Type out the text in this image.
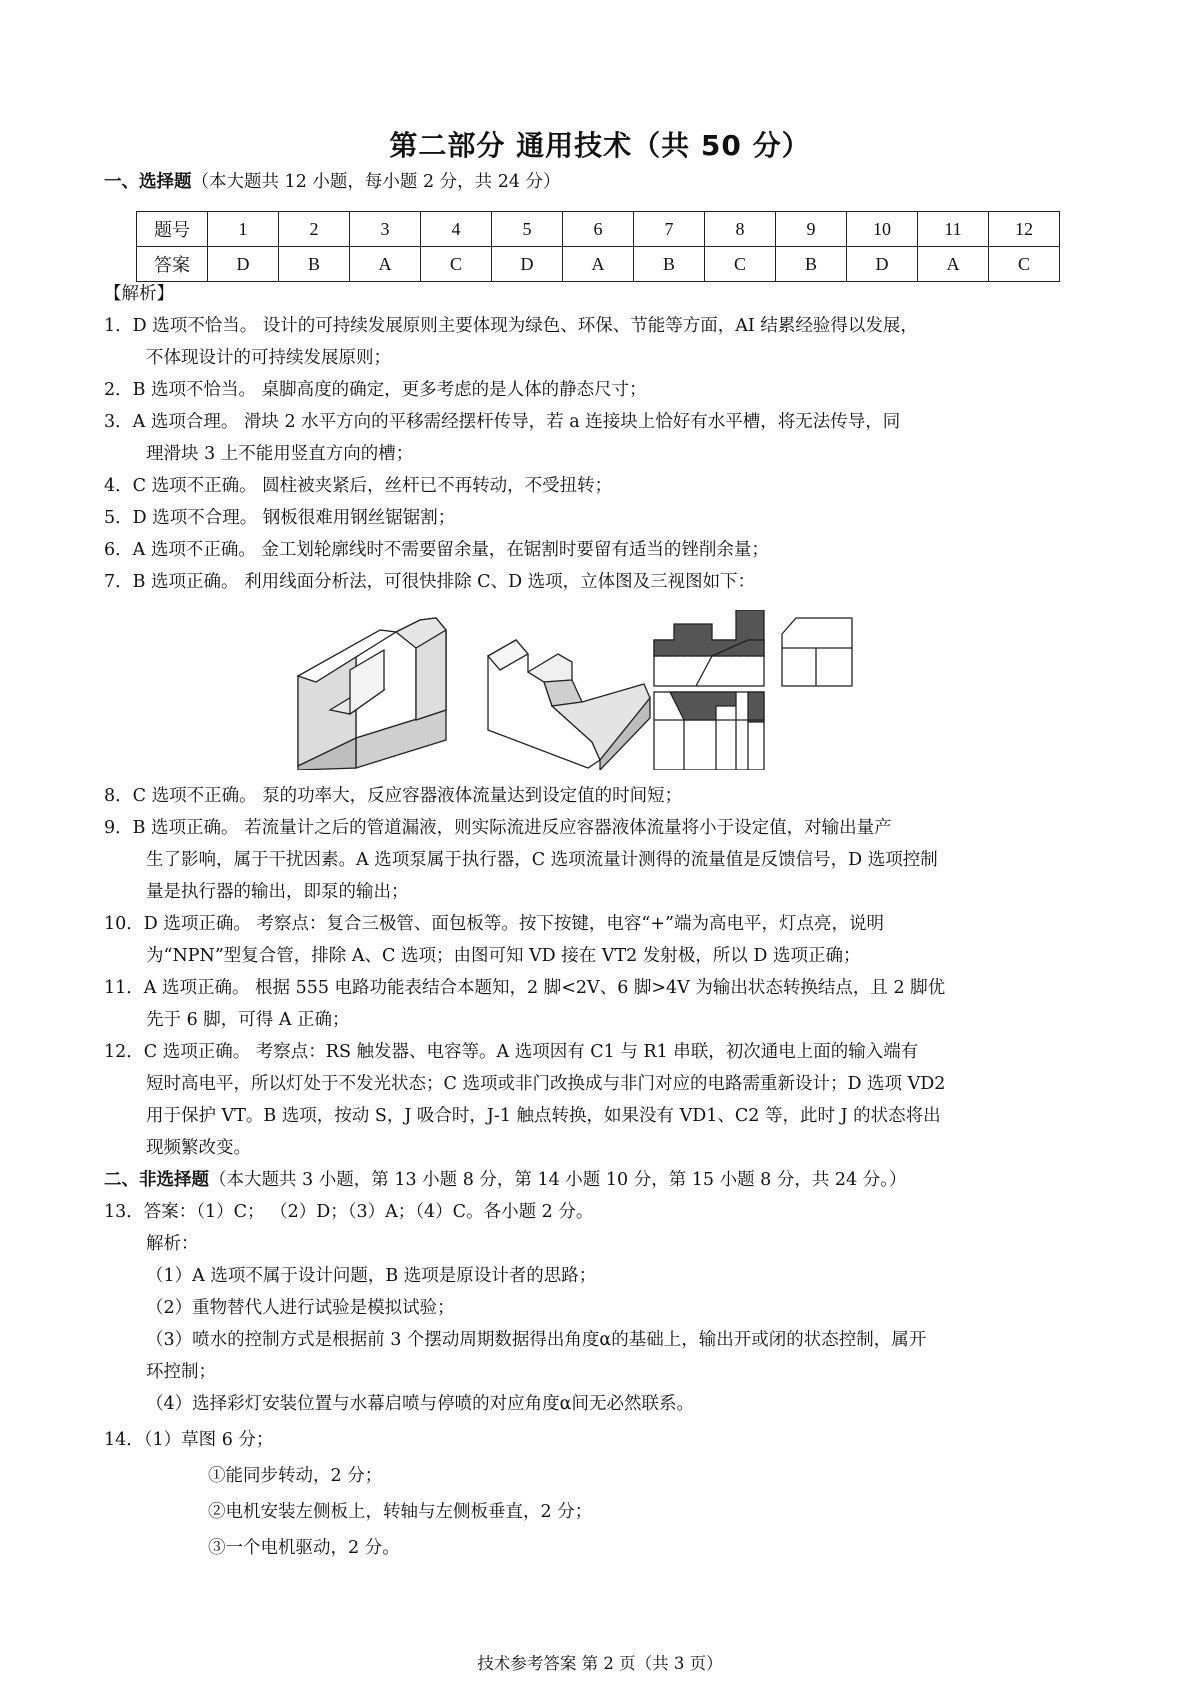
第二部分 通用技术（共 50 分）
一、选择题（本大题共 12 小题，每小题 2 分，共 24 分）
题号	1	2	3	4	5	6	7	8	9	10	11	12
答案	D	B	A	C	D	A	B	C	B	D	A	C
【解析】
1．D 选项不恰当。 设计的可持续发展原则主要体现为绿色、环保、节能等方面，AI 结累经验得以发展，
不体现设计的可持续发展原则；
2．B 选项不恰当。 桌脚高度的确定，更多考虑的是人体的静态尺寸；
3．A 选项合理。 滑块 2 水平方向的平移需经摆杆传导，若 a 连接块上恰好有水平槽，将无法传导，同
理滑块 3 上不能用竖直方向的槽；
4．C 选项不正确。 圆柱被夹紧后，丝杆已不再转动，不受扭转；
5．D 选项不合理。 钢板很难用钢丝锯锯割；
6．A 选项不正确。 金工划轮廓线时不需要留余量，在锯割时要留有适当的锉削余量；
7．B 选项正确。 利用线面分析法，可很快排除 C、D 选项，立体图及三视图如下：
8．C 选项不正确。 泵的功率大，反应容器液体流量达到设定值的时间短；
9．B 选项正确。 若流量计之后的管道漏液，则实际流进反应容器液体流量将小于设定值，对输出量产
生了影响，属于干扰因素。A 选项泵属于执行器，C 选项流量计测得的流量值是反馈信号，D 选项控制
量是执行器的输出，即泵的输出；
10．D 选项正确。 考察点：复合三极管、面包板等。按下按键，电容“+”端为高电平，灯点亮，说明
为“NPN”型复合管，排除 A、C 选项；由图可知 VD 接在 VT2 发射极，所以 D 选项正确；
11．A 选项正确。 根据 555 电路功能表结合本题知，2 脚<2V、6 脚>4V 为输出状态转换结点，且 2 脚优
先于 6 脚，可得 A 正确；
12．C 选项正确。 考察点：RS 触发器、电容等。A 选项因有 C1 与 R1 串联，初次通电上面的输入端有
短时高电平，所以灯处于不发光状态；C 选项或非门改换成与非门对应的电路需重新设计；D 选项 VD2
用于保护 VT。B 选项，按动 S，J 吸合时，J-1 触点转换，如果没有 VD1、C2 等，此时 J 的状态将出
现频繁改变。
二、非选择题（本大题共 3 小题，第 13 小题 8 分，第 14 小题 10 分，第 15 小题 8 分，共 24 分。）
13．答案：（1）C； （2）D；（3）A；（4）C。各小题 2 分。
解析：
（1）A 选项不属于设计问题，B 选项是原设计者的思路；
（2）重物替代人进行试验是模拟试验；
（3）喷水的控制方式是根据前 3 个摆动周期数据得出角度α的基础上，输出开或闭的状态控制，属开
环控制；
（4）选择彩灯安装位置与水幕启喷与停喷的对应角度α间无必然联系。
14．（1）草图 6 分；
①能同步转动，2 分；
②电机安装左侧板上，转轴与左侧板垂直，2 分；
③一个电机驱动，2 分。
技术参考答案 第 2 页（共 3 页）
